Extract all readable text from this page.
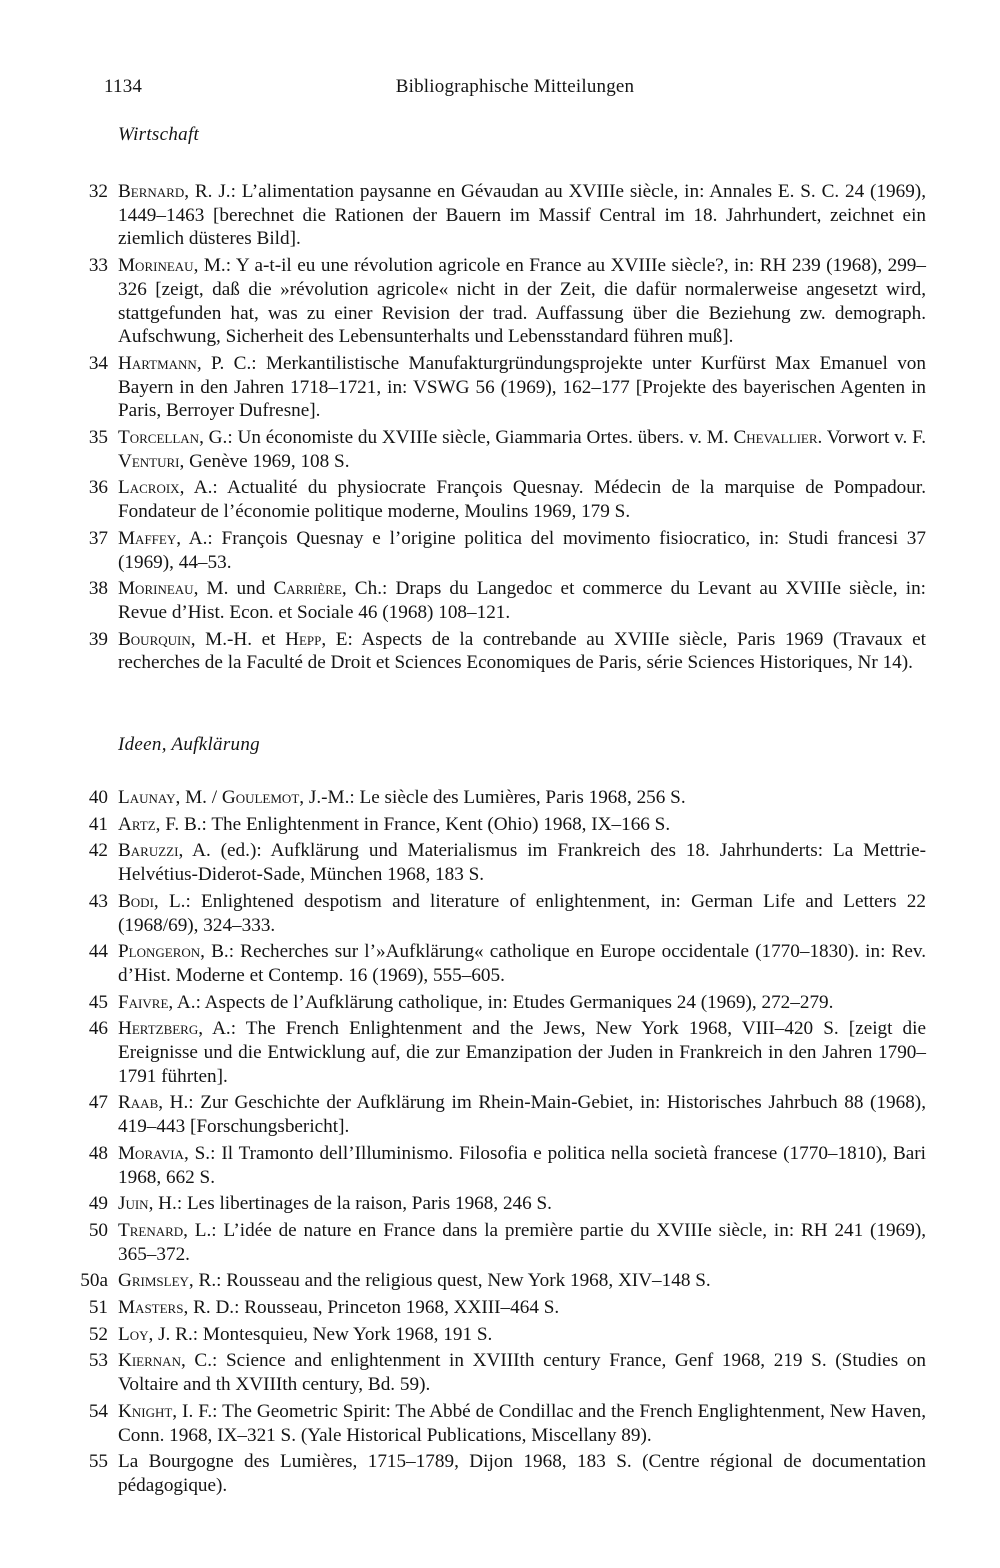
1134	Bibliographische Mitteilungen
Wirtschaft
32 Bernard, R. J.: L’alimentation paysanne en Gévaudan au XVIIIe siècle, in: Annales E. S. C. 24 (1969), 1449–1463 [berechnet die Rationen der Bauern im Massif Central im 18. Jahrhundert, zeichnet ein ziemlich düsteres Bild].
33 Morineau, M.: Y a-t-il eu une révolution agricole en France au XVIIIe siècle?, in: RH 239 (1968), 299–326 [zeigt, daß die »révolution agricole« nicht in der Zeit, die dafür normalerweise angesetzt wird, stattgefunden hat, was zu einer Revision der trad. Auffassung über die Beziehung zw. demograph. Aufschwung, Sicherheit des Lebensunterhalts und Lebensstandard führen muß].
34 Hartmann, P. C.: Merkantilistische Manufakturgründungsprojekte unter Kurfürst Max Emanuel von Bayern in den Jahren 1718–1721, in: VSWG 56 (1969), 162–177 [Projekte des bayerischen Agenten in Paris, Berroyer Dufresne].
35 Torcellan, G.: Un économiste du XVIIIe siècle, Giammaria Ortes. übers. v. M. Chevallier. Vorwort v. F. Venturi, Genève 1969, 108 S.
36 Lacroix, A.: Actualité du physiocrate François Quesnay. Médecin de la marquise de Pompadour. Fondateur de l’économie politique moderne, Moulins 1969, 179 S.
37 Maffey, A.: François Quesnay e l’origine politica del movimento fisiocratico, in: Studi francesi 37 (1969), 44–53.
38 Morineau, M. und Carrière, Ch.: Draps du Langedoc et commerce du Levant au XVIIIe siècle, in: Revue d’Hist. Econ. et Sociale 46 (1968) 108–121.
39 Bourquin, M.-H. et Hepp, E: Aspects de la contrebande au XVIIIe siècle, Paris 1969 (Travaux et recherches de la Faculté de Droit et Sciences Economiques de Paris, série Sciences Historiques, Nr 14).
Ideen, Aufklärung
40 Launay, M. / Goulemot, J.-M.: Le siècle des Lumières, Paris 1968, 256 S.
41 Artz, F. B.: The Enlightenment in France, Kent (Ohio) 1968, IX–166 S.
42 Baruzzi, A. (ed.): Aufklärung und Materialismus im Frankreich des 18. Jahrhunderts: La Mettrie-Helvétius-Diderot-Sade, München 1968, 183 S.
43 Bodi, L.: Enlightened despotism and literature of enlightenment, in: German Life and Letters 22 (1968/69), 324–333.
44 Plongeron, B.: Recherches sur l’»Aufklärung« catholique en Europe occidentale (1770–1830). in: Rev. d’Hist. Moderne et Contemp. 16 (1969), 555–605.
45 Faivre, A.: Aspects de l’Aufklärung catholique, in: Etudes Germaniques 24 (1969), 272–279.
46 Hertzberg, A.: The French Enlightenment and the Jews, New York 1968, VIII–420 S. [zeigt die Ereignisse und die Entwicklung auf, die zur Emanzipation der Juden in Frankreich in den Jahren 1790–1791 führten].
47 Raab, H.: Zur Geschichte der Aufklärung im Rhein-Main-Gebiet, in: Historisches Jahrbuch 88 (1968), 419–443 [Forschungsbericht].
48 Moravia, S.: Il Tramonto dell’Illuminismo. Filosofia e politica nella società francese (1770–1810), Bari 1968, 662 S.
49 Juin, H.: Les libertinages de la raison, Paris 1968, 246 S.
50 Trenard, L.: L’idée de nature en France dans la première partie du XVIIIe siècle, in: RH 241 (1969), 365–372.
50a Grimsley, R.: Rousseau and the religious quest, New York 1968, XIV–148 S.
51 Masters, R. D.: Rousseau, Princeton 1968, XXIII–464 S.
52 Loy, J. R.: Montesquieu, New York 1968, 191 S.
53 Kiernan, C.: Science and enlightenment in XVIIIth century France, Genf 1968, 219 S. (Studies on Voltaire and th XVIIIth century, Bd. 59).
54 Knight, I. F.: The Geometric Spirit: The Abbé de Condillac and the French Englightenment, New Haven, Conn. 1968, IX–321 S. (Yale Historical Publications, Miscellany 89).
55 La Bourgogne des Lumières, 1715–1789, Dijon 1968, 183 S. (Centre régional de documentation pédagogique).
